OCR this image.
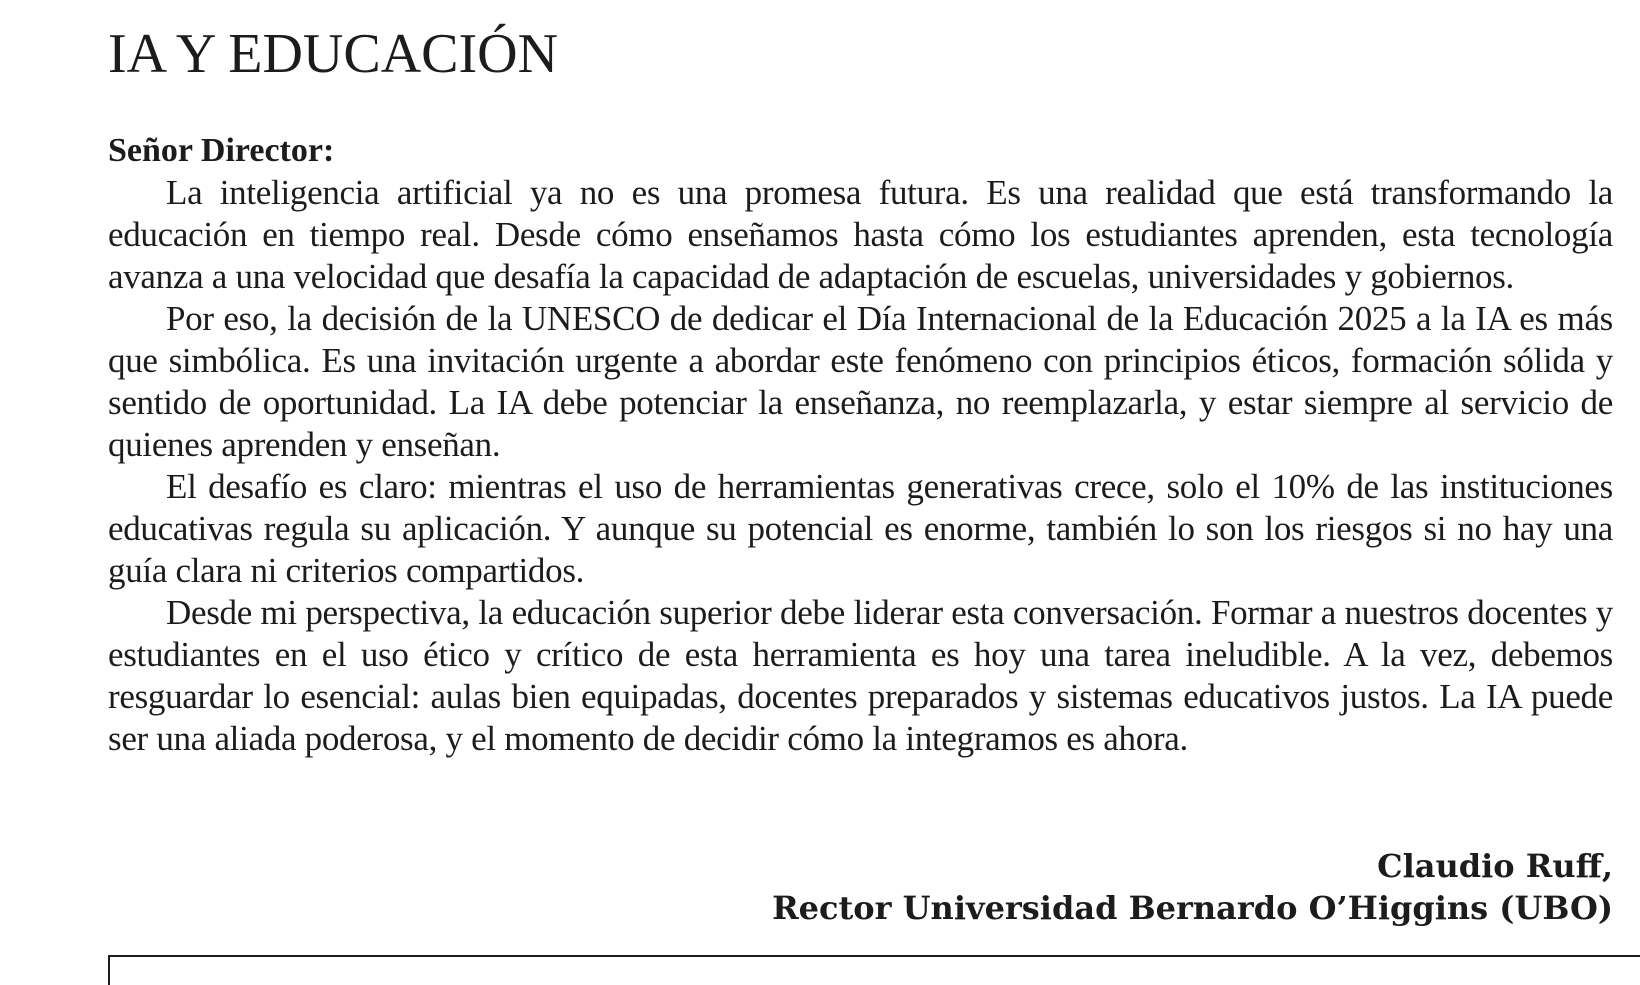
IA Y EDUCACIÓN
Señor Director:

La inteligencia artificial ya no es una promesa futura. Es una realidad que está transformando la educación en tiempo real. Desde cómo enseñamos hasta cómo los estudiantes aprenden, esta tecnología avanza a una velocidad que desafía la capacidad de adaptación de escuelas, universidades y gobiernos.

Por eso, la decisión de la UNESCO de dedicar el Día Internacional de la Educación 2025 a la IA es más que simbólica. Es una invitación urgente a abordar este fenómeno con principios éticos, formación sólida y sentido de oportunidad. La IA debe potenciar la enseñanza, no reemplazarla, y estar siempre al servicio de quienes aprenden y enseñan.

El desafío es claro: mientras el uso de herramientas generativas crece, solo el 10% de las instituciones educativas regula su aplicación. Y aunque su potencial es enorme, también lo son los riesgos si no hay una guía clara ni criterios compartidos.

Desde mi perspectiva, la educación superior debe liderar esta conversación. Formar a nuestros docentes y estudiantes en el uso ético y crítico de esta herramienta es hoy una tarea ineludible. A la vez, debemos resguardar lo esencial: aulas bien equipadas, docentes preparados y sistemas educativos justos. La IA puede ser una aliada poderosa, y el momento de decidir cómo la integramos es ahora.

Claudio Ruff,
Rector Universidad Bernardo O’Higgins (UBO)
